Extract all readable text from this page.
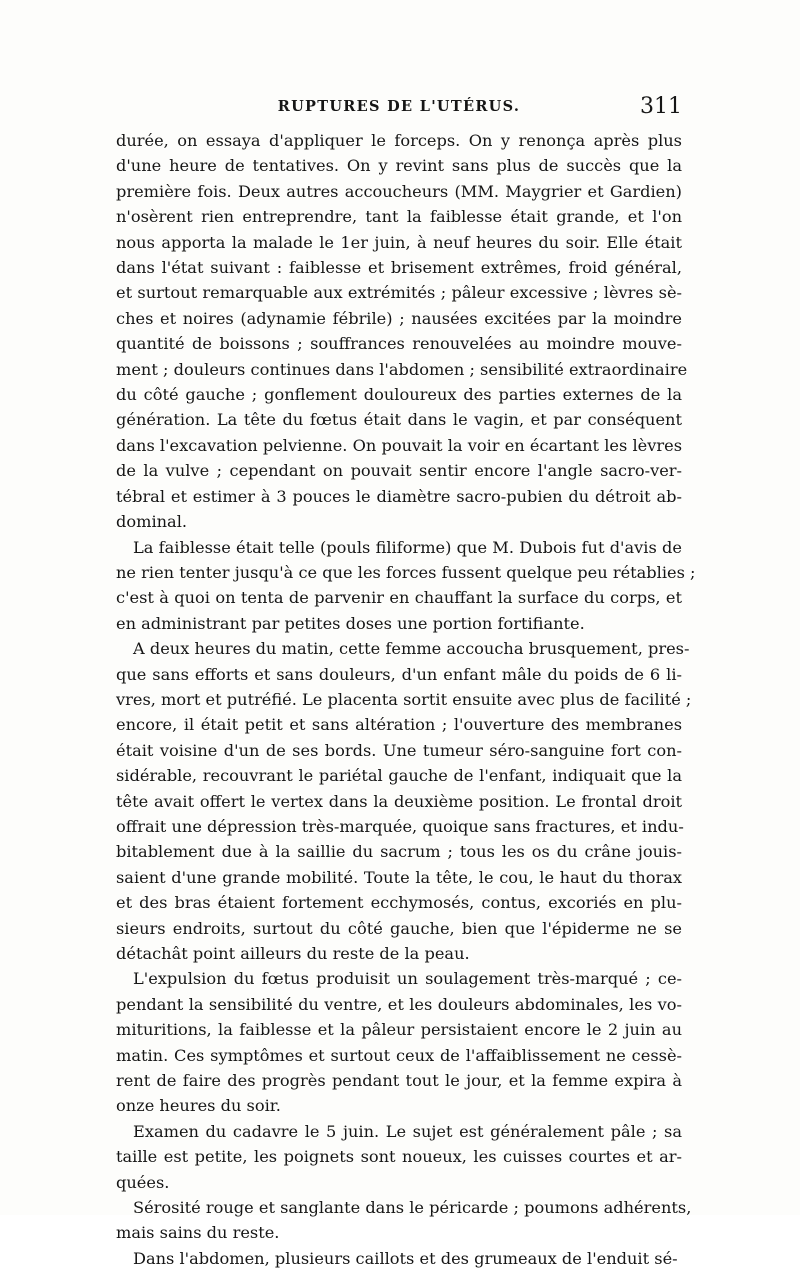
RUPTURES DE L'UTÉRUS.	311

durée, on essaya d'appliquer le forceps. On y renonça après plus
d'une heure de tentatives. On y revint sans plus de succès que la
première fois. Deux autres accoucheurs (MM. Maygrier et Gardien)
n'osèrent rien entreprendre, tant la faiblesse était grande, et l'on
nous apporta la malade le 1er juin, à neuf heures du soir. Elle était
dans l'état suivant : faiblesse et brisement extrêmes, froid général,
et surtout remarquable aux extrémités ; pâleur excessive ; lèvres sè-
ches et noires (adynamie fébrile) ; nausées excitées par la moindre
quantité de boissons ; souffrances renouvelées au moindre mouve-
ment ; douleurs continues dans l'abdomen ; sensibilité extraordinaire
du côté gauche ; gonflement douloureux des parties externes de la
génération. La tête du fœtus était dans le vagin, et par conséquent
dans l'excavation pelvienne. On pouvait la voir en écartant les lèvres
de la vulve ; cependant on pouvait sentir encore l'angle sacro-ver-
tébral et estimer à 3 pouces le diamètre sacro-pubien du détroit ab-
dominal.

La faiblesse était telle (pouls filiforme) que M. Dubois fut d'avis de
ne rien tenter jusqu'à ce que les forces fussent quelque peu rétablies ;
c'est à quoi on tenta de parvenir en chauffant la surface du corps, et
en administrant par petites doses une portion fortifiante.

A deux heures du matin, cette femme accoucha brusquement, pres-
que sans efforts et sans douleurs, d'un enfant mâle du poids de 6 li-
vres, mort et putréfié. Le placenta sortit ensuite avec plus de facilité ;
encore, il était petit et sans altération ; l'ouverture des membranes
était voisine d'un de ses bords. Une tumeur séro-sanguine fort con-
sidérable, recouvrant le pariétal gauche de l'enfant, indiquait que la
tête avait offert le vertex dans la deuxième position. Le frontal droit
offrait une dépression très-marquée, quoique sans fractures, et indu-
bitablement due à la saillie du sacrum ; tous les os du crâne jouis-
saient d'une grande mobilité. Toute la tête, le cou, le haut du thorax
et des bras étaient fortement ecchymosés, contus, excoriés en plu-
sieurs endroits, surtout du côté gauche, bien que l'épiderme ne se
détachât point ailleurs du reste de la peau.

L'expulsion du fœtus produisit un soulagement très-marqué ; ce-
pendant la sensibilité du ventre, et les douleurs abdominales, les vo-
mituritions, la faiblesse et la pâleur persistaient encore le 2 juin au
matin. Ces symptômes et surtout ceux de l'affaiblissement ne cessè-
rent de faire des progrès pendant tout le jour, et la femme expira à
onze heures du soir.

Examen du cadavre le 5 juin. Le sujet est généralement pâle ; sa
taille est petite, les poignets sont noueux, les cuisses courtes et ar-
quées.

Sérosité rouge et sanglante dans le péricarde ; poumons adhérents,
mais sains du reste.

Dans l'abdomen, plusieurs caillots et des grumeaux de l'enduit sé-
